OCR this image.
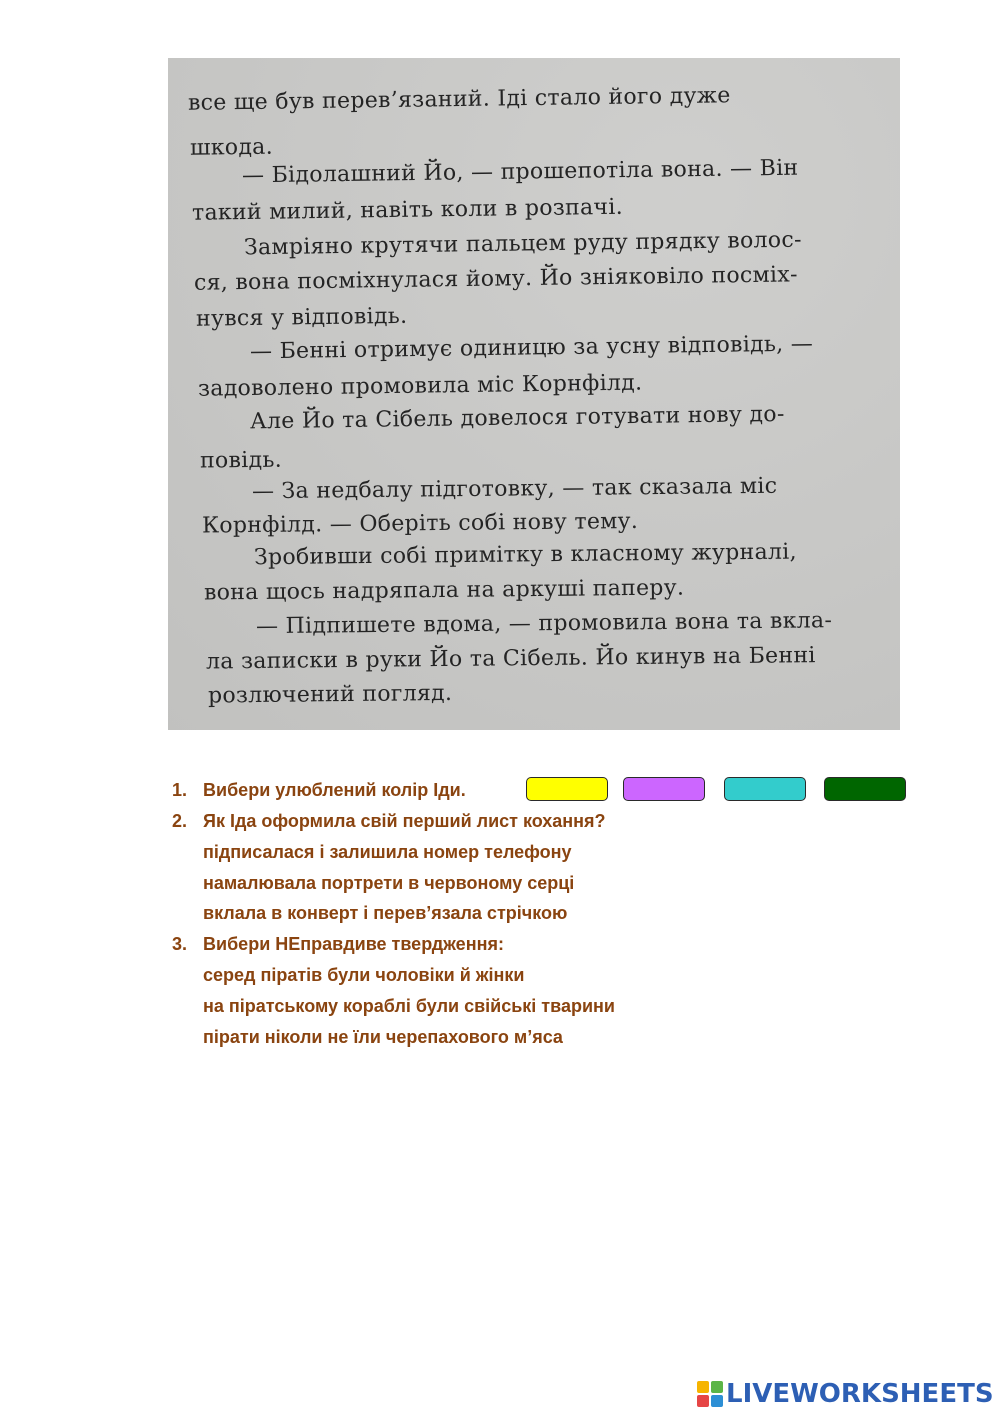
все ще був перев’язаний. Іді стало його дуже
шкода.
— Бідолашний Йо, — прошепотіла вона. — Він
такий милий, навіть коли в розпачі.
Замріяно крутячи пальцем руду прядку волос-
ся, вона посміхнулася йому. Йо зніяковіло посміх-
нувся у відповідь.
— Бенні отримує одиницю за усну відповідь, —
задоволено промовила міс Корнфілд.
Але Йо та Сібель довелося готувати нову до-
повідь.
— За недбалу підготовку, — так сказала міс
Корнфілд. — Оберіть собі нову тему.
Зробивши собі примітку в класному журналі,
вона щось надряпала на аркуші паперу.
— Підпишете вдома, — промовила вона та вкла-
ла записки в руки Йо та Сібель. Йо кинув на Бенні
розлючений погляд.
1. Вибери улюблений колір Іди.
2. Як Іда оформила свій перший лист кохання?
підписалася і залишила номер телефону
намалювала портрети в червоному серці
вклала в конверт і перев’язала стрічкою
3. Вибери НЕправдиве твердження:
серед піратів були чоловіки й жінки
на піратському кораблі були свійські тварини
пірати ніколи не їли черепахового м’яса
LIVEWORKSHEETS
